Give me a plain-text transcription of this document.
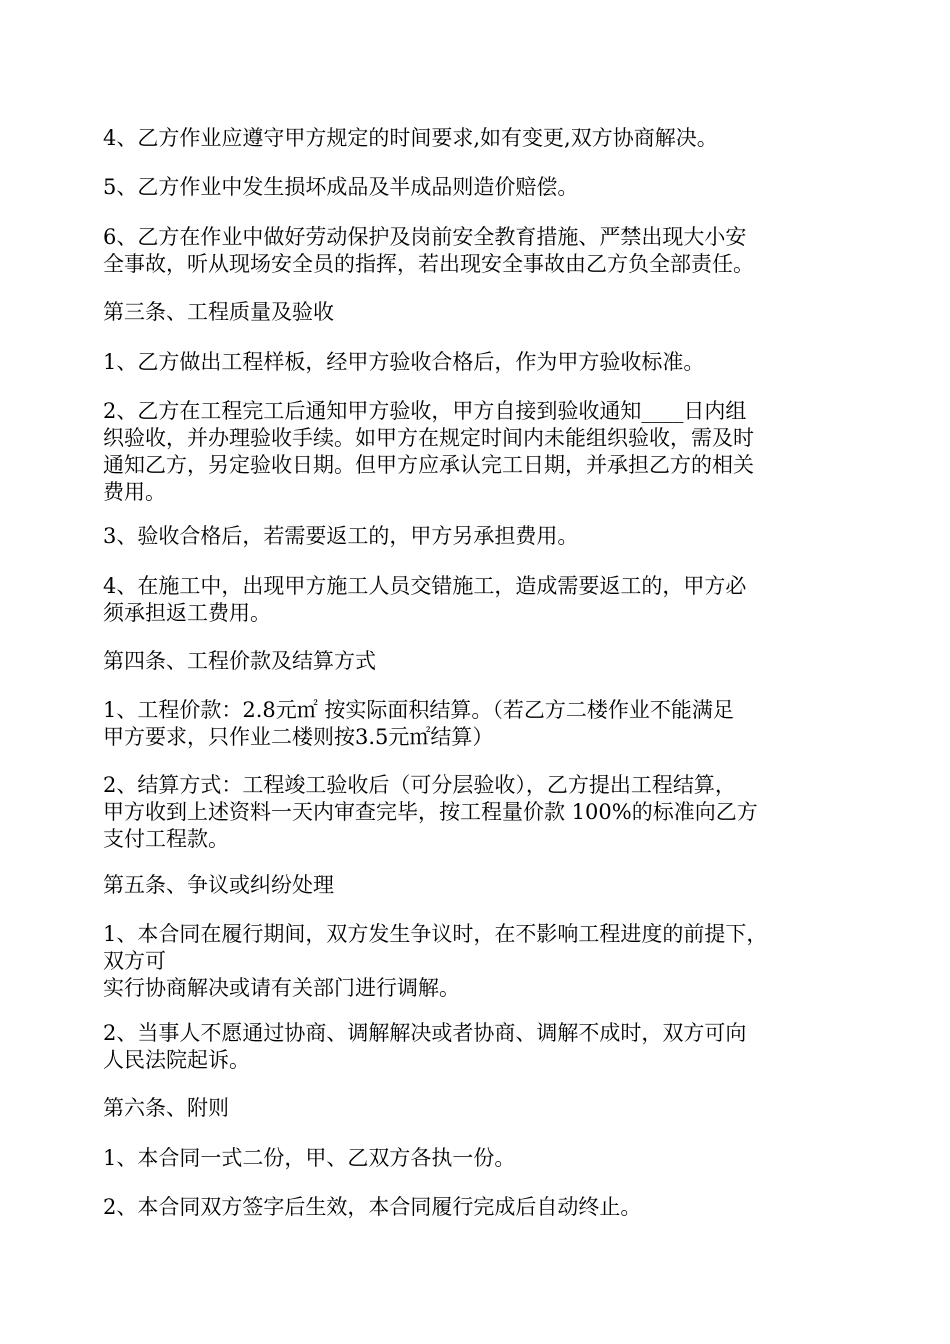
4、乙方作业应遵守甲方规定的时间要求,如有变更,双方协商解决。

5、乙方作业中发生损坏成品及半成品则造价赔偿。

6、乙方在作业中做好劳动保护及岗前安全教育措施、严禁出现大小安
全事故，听从现场安全员的指挥，若出现安全事故由乙方负全部责任。

第三条、工程质量及验收

1、乙方做出工程样板，经甲方验收合格后，作为甲方验收标准。

2、乙方在工程完工后通知甲方验收，甲方自接到验收通知____日内组
织验收，并办理验收手续。如甲方在规定时间内未能组织验收，需及时
通知乙方，另定验收日期。但甲方应承认完工日期，并承担乙方的相关
费用。

3、验收合格后，若需要返工的，甲方另承担费用。

4、在施工中，出现甲方施工人员交错施工，造成需要返工的，甲方必
须承担返工费用。

第四条、工程价款及结算方式

1、工程价款：2.8元㎡ 按实际面积结算。（若乙方二楼作业不能满足
甲方要求，只作业二楼则按3.5元㎡结算）

2、结算方式：工程竣工验收后（可分层验收），乙方提出工程结算，
甲方收到上述资料一天内审查完毕，按工程量价款 100%的标准向乙方
支付工程款。

第五条、争议或纠纷处理

1、本合同在履行期间，双方发生争议时，在不影响工程进度的前提下，
双方可
实行协商解决或请有关部门进行调解。

2、当事人不愿通过协商、调解解决或者协商、调解不成时，双方可向
人民法院起诉。

第六条、附则

1、本合同一式二份，甲、乙双方各执一份。

2、本合同双方签字后生效，本合同履行完成后自动终止。
